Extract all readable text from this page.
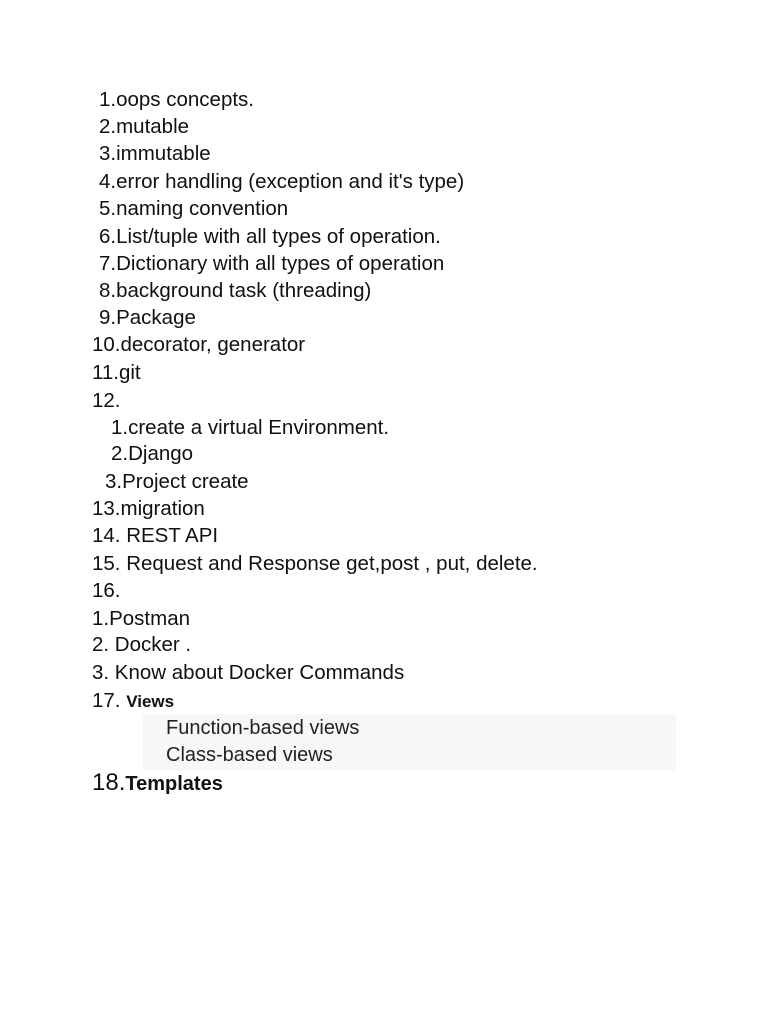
1.oops concepts.

2.mutable

3.immutable

4.error handling (exception and it's type)

5.naming convention

6.List/tuple with all types of operation.

7.Dictionary with all types of operation

8.background task (threading)

9.Package

10.decorator, generator

11.git

12.

1.create a virtual Environment.

2.Django

3.Project create

13.migration

14. REST API

15. Request and Response get,post , put, delete.

16.

1.Postman

2. Docker .

3. Know about Docker Commands

17. Views

Function-based views
Class-based views

18.Templates
